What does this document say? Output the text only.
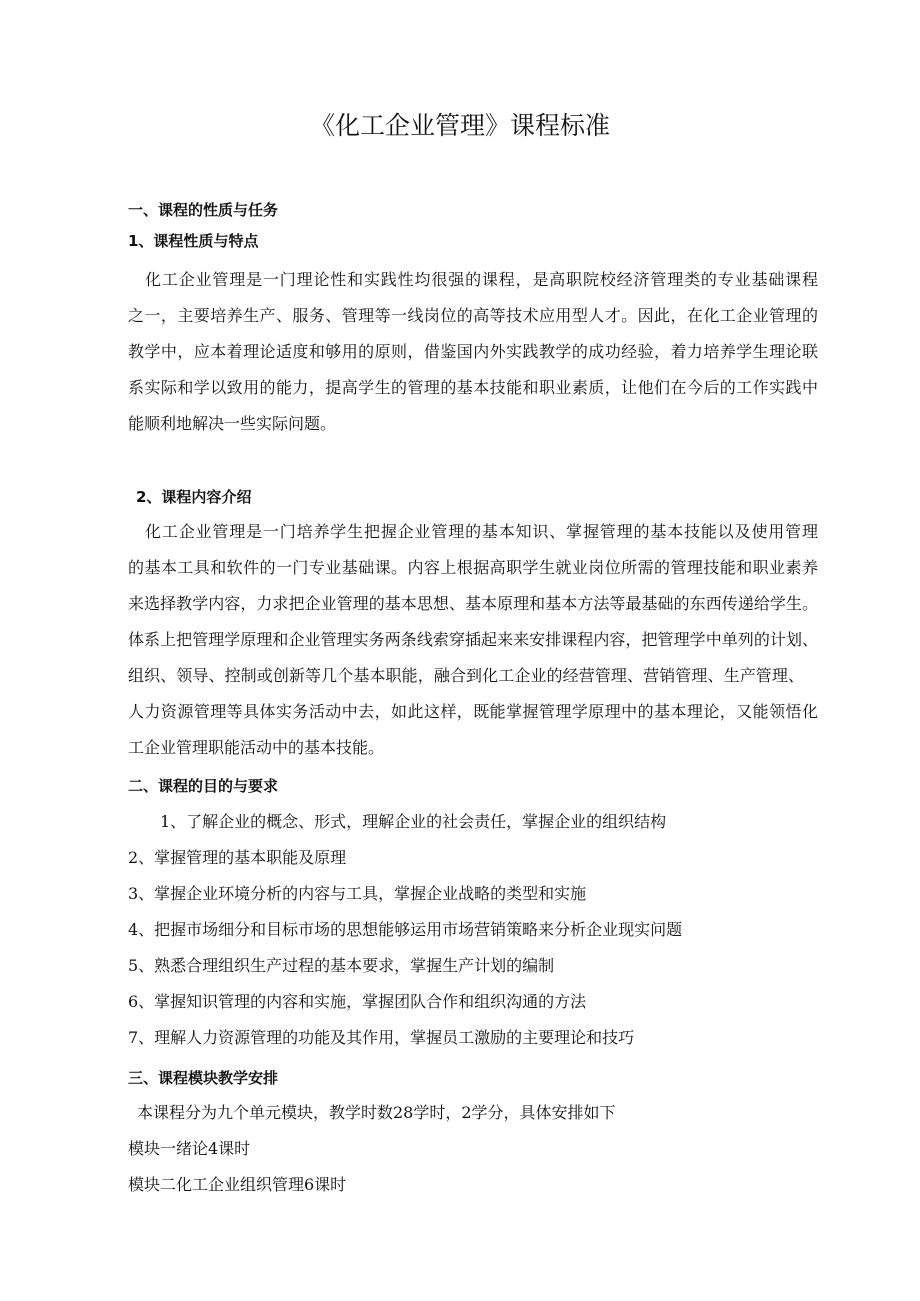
《化工企业管理》课程标准

一、课程的性质与任务

1、课程性质与特点

化工企业管理是一门理论性和实践性均很强的课程，是高职院校经济管理类的专业基础课程

之一，主要培养生产、服务、管理等一线岗位的高等技术应用型人才。因此，在化工企业管理的

教学中，应本着理论适度和够用的原则，借鉴国内外实践教学的成功经验，着力培养学生理论联

系实际和学以致用的能力，提高学生的管理的基本技能和职业素质，让他们在今后的工作实践中

能顺利地解决一些实际问题。

2、课程内容介绍

化工企业管理是一门培养学生把握企业管理的基本知识、掌握管理的基本技能以及使用管理

的基本工具和软件的一门专业基础课。内容上根据高职学生就业岗位所需的管理技能和职业素养

来选择教学内容，力求把企业管理的基本思想、基本原理和基本方法等最基础的东西传递给学生。

体系上把管理学原理和企业管理实务两条线索穿插起来来安排课程内容，把管理学中单列的计划、

组织、领导、控制或创新等几个基本职能，融合到化工企业的经营管理、营销管理、生产管理、

人力资源管理等具体实务活动中去，如此这样，既能掌握管理学原理中的基本理论，又能领悟化

工企业管理职能活动中的基本技能。

二、课程的目的与要求

1、了解企业的概念、形式，理解企业的社会责任，掌握企业的组织结构

2、掌握管理的基本职能及原理

3、掌握企业环境分析的内容与工具，掌握企业战略的类型和实施

4、把握市场细分和目标市场的思想能够运用市场营销策略来分析企业现实问题

5、熟悉合理组织生产过程的基本要求，掌握生产计划的编制

6、掌握知识管理的内容和实施，掌握团队合作和组织沟通的方法

7、理解人力资源管理的功能及其作用，掌握员工激励的主要理论和技巧

三、课程模块教学安排

本课程分为九个单元模块，教学时数28学时，2学分，具体安排如下

模块一绪论4课时

模块二化工企业组织管理6课时
